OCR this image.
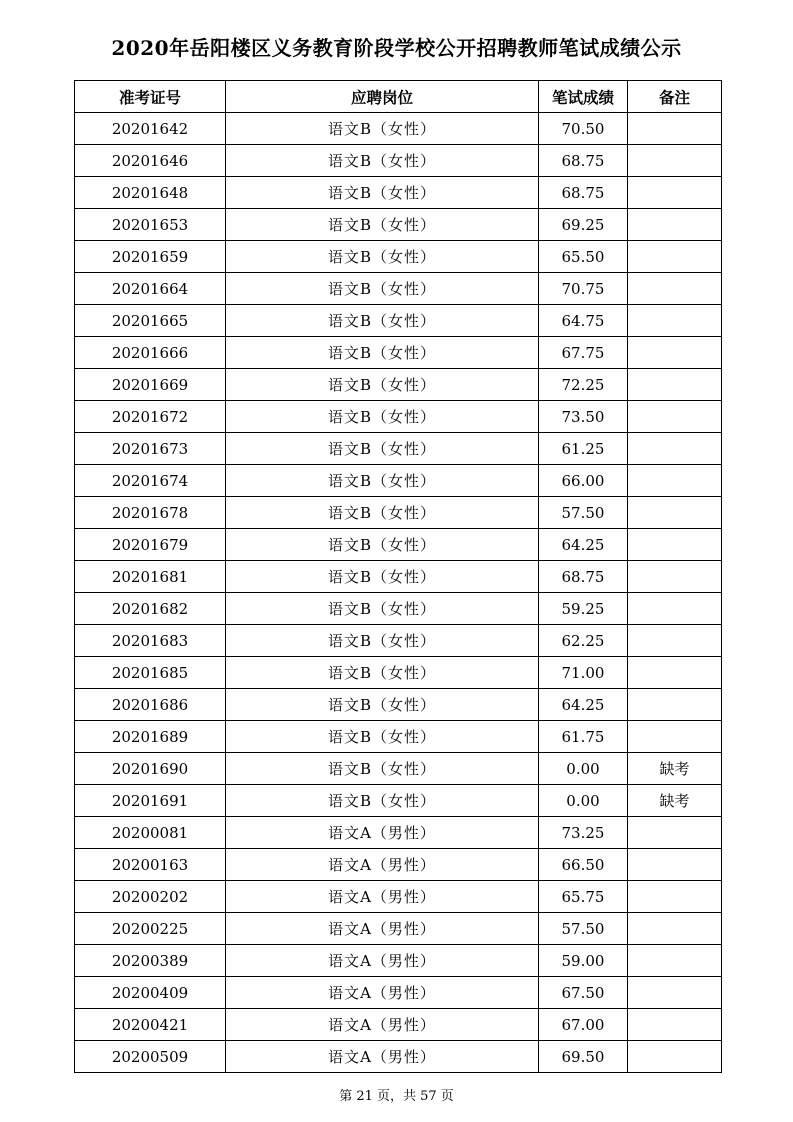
2020年岳阳楼区义务教育阶段学校公开招聘教师笔试成绩公示
准考证号	应聘岗位	笔试成绩	备注
20201642	语文B（女性）	70.50	
20201646	语文B（女性）	68.75	
20201648	语文B（女性）	68.75	
20201653	语文B（女性）	69.25	
20201659	语文B（女性）	65.50	
20201664	语文B（女性）	70.75	
20201665	语文B（女性）	64.75	
20201666	语文B（女性）	67.75	
20201669	语文B（女性）	72.25	
20201672	语文B（女性）	73.50	
20201673	语文B（女性）	61.25	
20201674	语文B（女性）	66.00	
20201678	语文B（女性）	57.50	
20201679	语文B（女性）	64.25	
20201681	语文B（女性）	68.75	
20201682	语文B（女性）	59.25	
20201683	语文B（女性）	62.25	
20201685	语文B（女性）	71.00	
20201686	语文B（女性）	64.25	
20201689	语文B（女性）	61.75	
20201690	语文B（女性）	0.00	缺考
20201691	语文B（女性）	0.00	缺考
20200081	语文A（男性）	73.25	
20200163	语文A（男性）	66.50	
20200202	语文A（男性）	65.75	
20200225	语文A（男性）	57.50	
20200389	语文A（男性）	59.00	
20200409	语文A（男性）	67.50	
20200421	语文A（男性）	67.00	
20200509	语文A（男性）	69.50	
第 21 页，共 57 页
